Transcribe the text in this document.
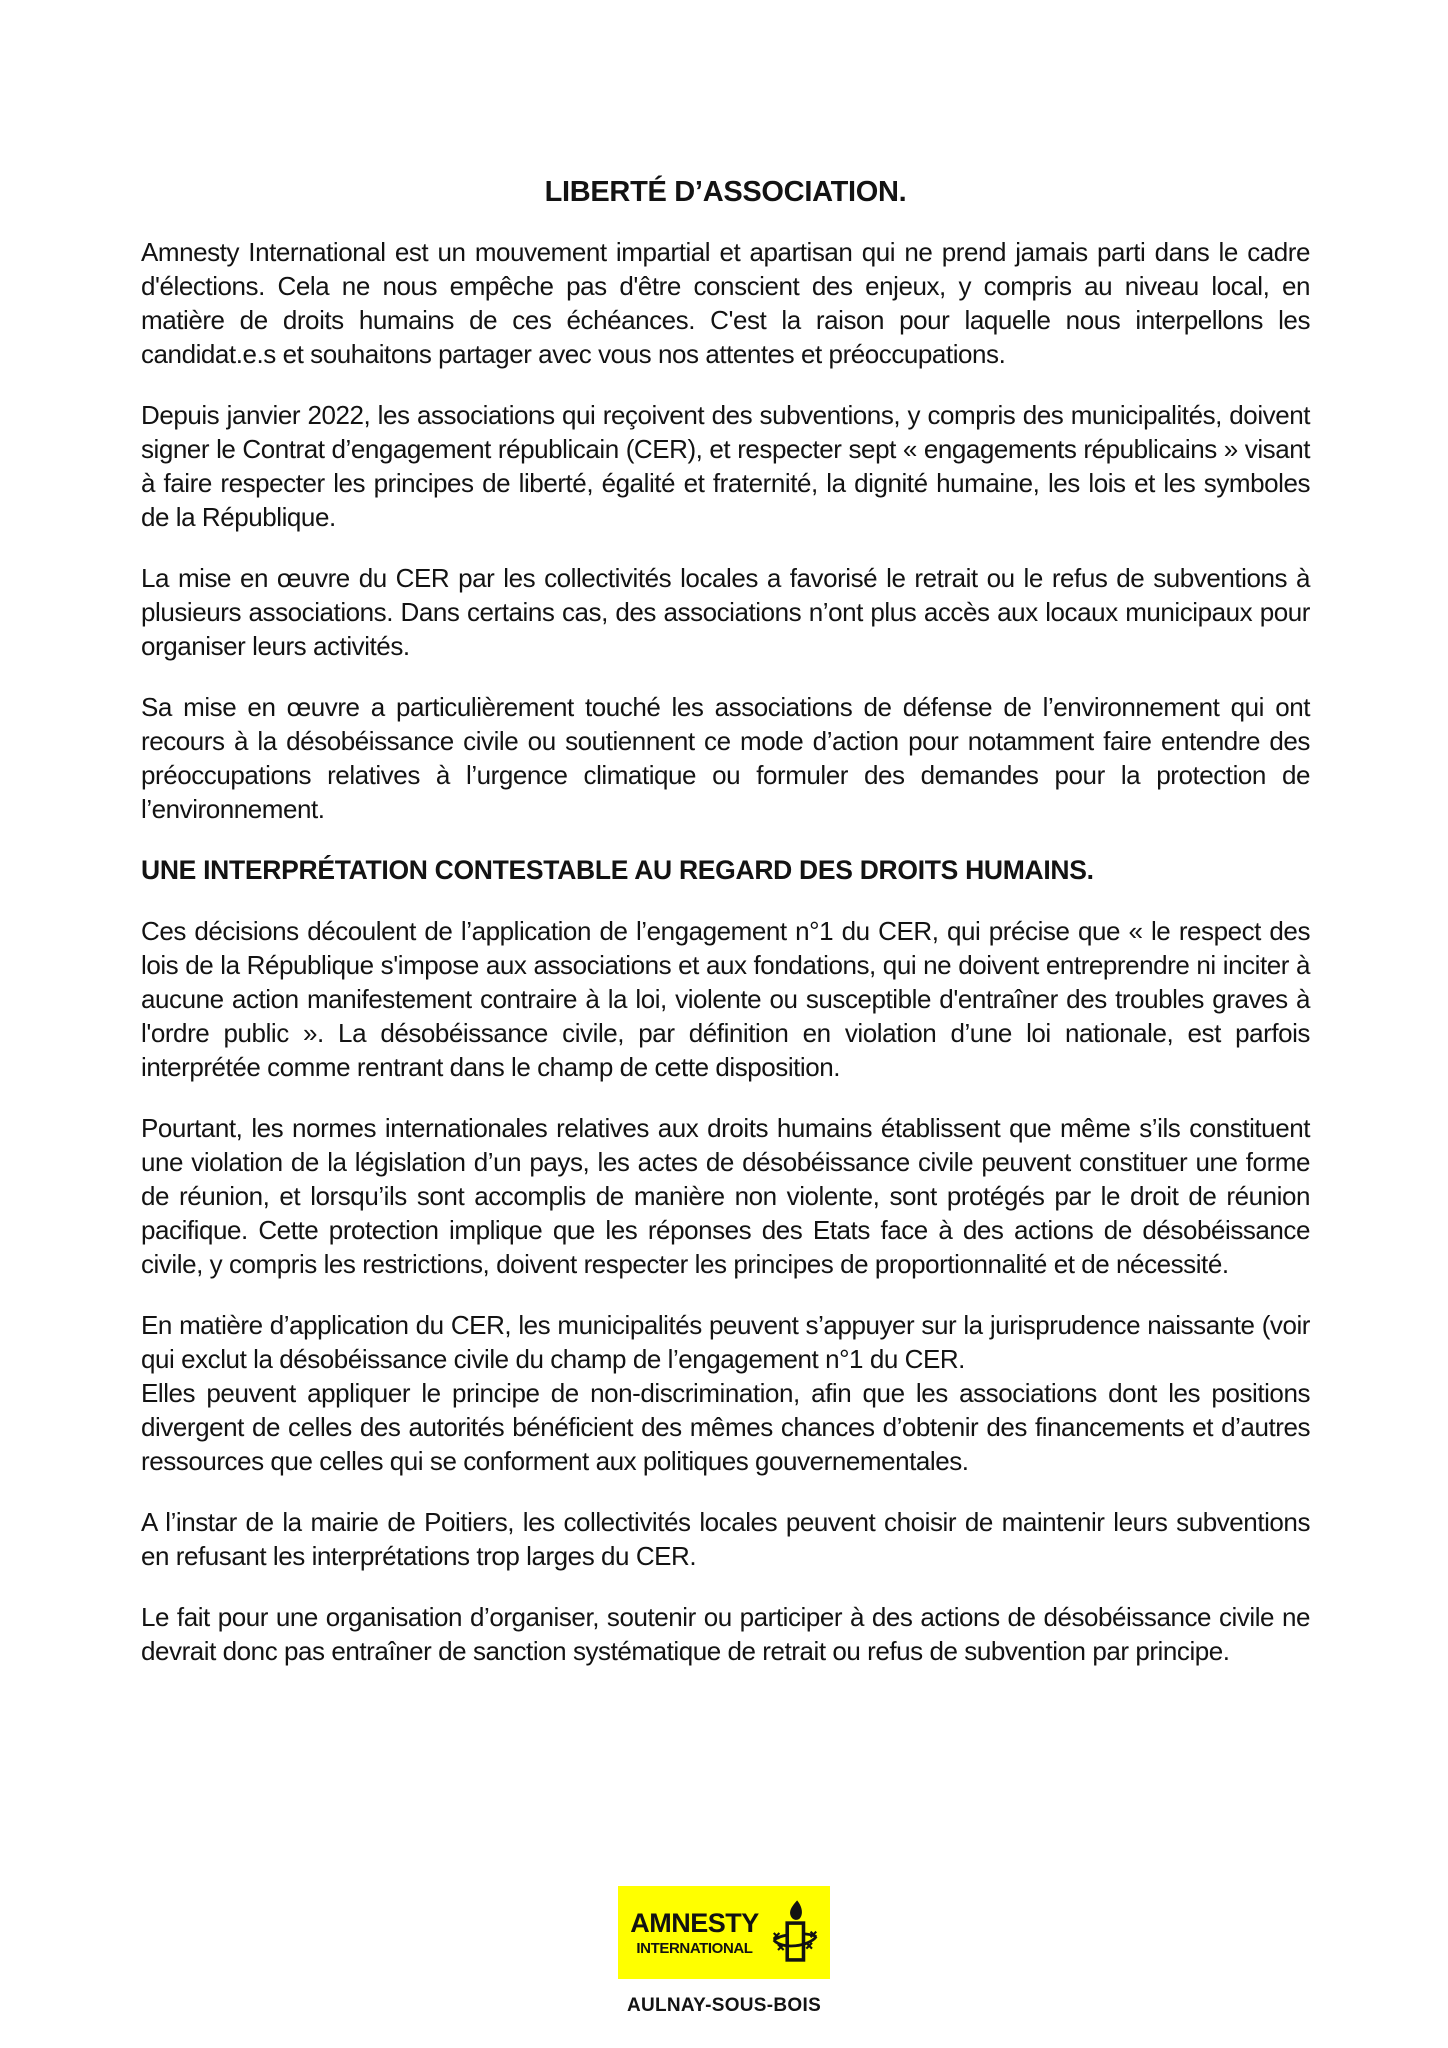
LIBERTÉ D’ASSOCIATION.

Amnesty International est un mouvement impartial et apartisan qui ne prend jamais parti dans le cadre d'élections. Cela ne nous empêche pas d'être conscient des enjeux, y compris au niveau local, en matière de droits humains de ces échéances. C'est la raison pour laquelle nous interpellons les candidat.e.s et souhaitons partager avec vous nos attentes et préoccupations.

Depuis janvier 2022, les associations qui reçoivent des subventions, y compris des municipalités, doivent signer le Contrat d’engagement républicain (CER), et respecter sept « engagements républicains » visant à faire respecter les principes de liberté, égalité et fraternité, la dignité humaine, les lois et les symboles de la République.

La mise en œuvre du CER par les collectivités locales a favorisé le retrait ou le refus de subventions à plusieurs associations. Dans certains cas, des associations n’ont plus accès aux locaux municipaux pour organiser leurs activités.

Sa mise en œuvre a particulièrement touché les associations de défense de l’environnement qui ont recours à la désobéissance civile ou soutiennent ce mode d’action pour notamment faire entendre des préoccupations relatives à l’urgence climatique ou formuler des demandes pour la protection de l’environnement.

UNE INTERPRÉTATION CONTESTABLE AU REGARD DES DROITS HUMAINS.

Ces décisions découlent de l’application de l’engagement n°1 du CER, qui précise que « le respect des lois de la République s'impose aux associations et aux fondations, qui ne doivent entreprendre ni inciter à aucune action manifestement contraire à la loi, violente ou susceptible d'entraîner des troubles graves à l'ordre public ». La désobéissance civile, par définition en violation d’une loi nationale, est parfois interprétée comme rentrant dans le champ de cette disposition.

Pourtant, les normes internationales relatives aux droits humains établissent que même s’ils constituent une violation de la législation d’un pays, les actes de désobéissance civile peuvent constituer une forme de réunion, et lorsqu’ils sont accomplis de manière non violente, sont protégés par le droit de réunion pacifique. Cette protection implique que les réponses des Etats face à des actions de désobéissance civile, y compris les restrictions, doivent respecter les principes de proportionnalité et de nécessité.

En matière d’application du CER, les municipalités peuvent s’appuyer sur la jurisprudence naissante (voir qui exclut la désobéissance civile du champ de l’engagement n°1 du CER.
Elles peuvent appliquer le principe de non-discrimination, afin que les associations dont les positions divergent de celles des autorités bénéficient des mêmes chances d’obtenir des financements et d’autres ressources que celles qui se conforment aux politiques gouvernementales.

A l’instar de la mairie de Poitiers, les collectivités locales peuvent choisir de maintenir leurs subventions en refusant les interprétations trop larges du CER.

Le fait pour une organisation d’organiser, soutenir ou participer à des actions de désobéissance civile ne devrait donc pas entraîner de sanction systématique de retrait ou refus de subvention par principe.

AMNESTY
INTERNATIONAL
AULNAY-SOUS-BOIS
